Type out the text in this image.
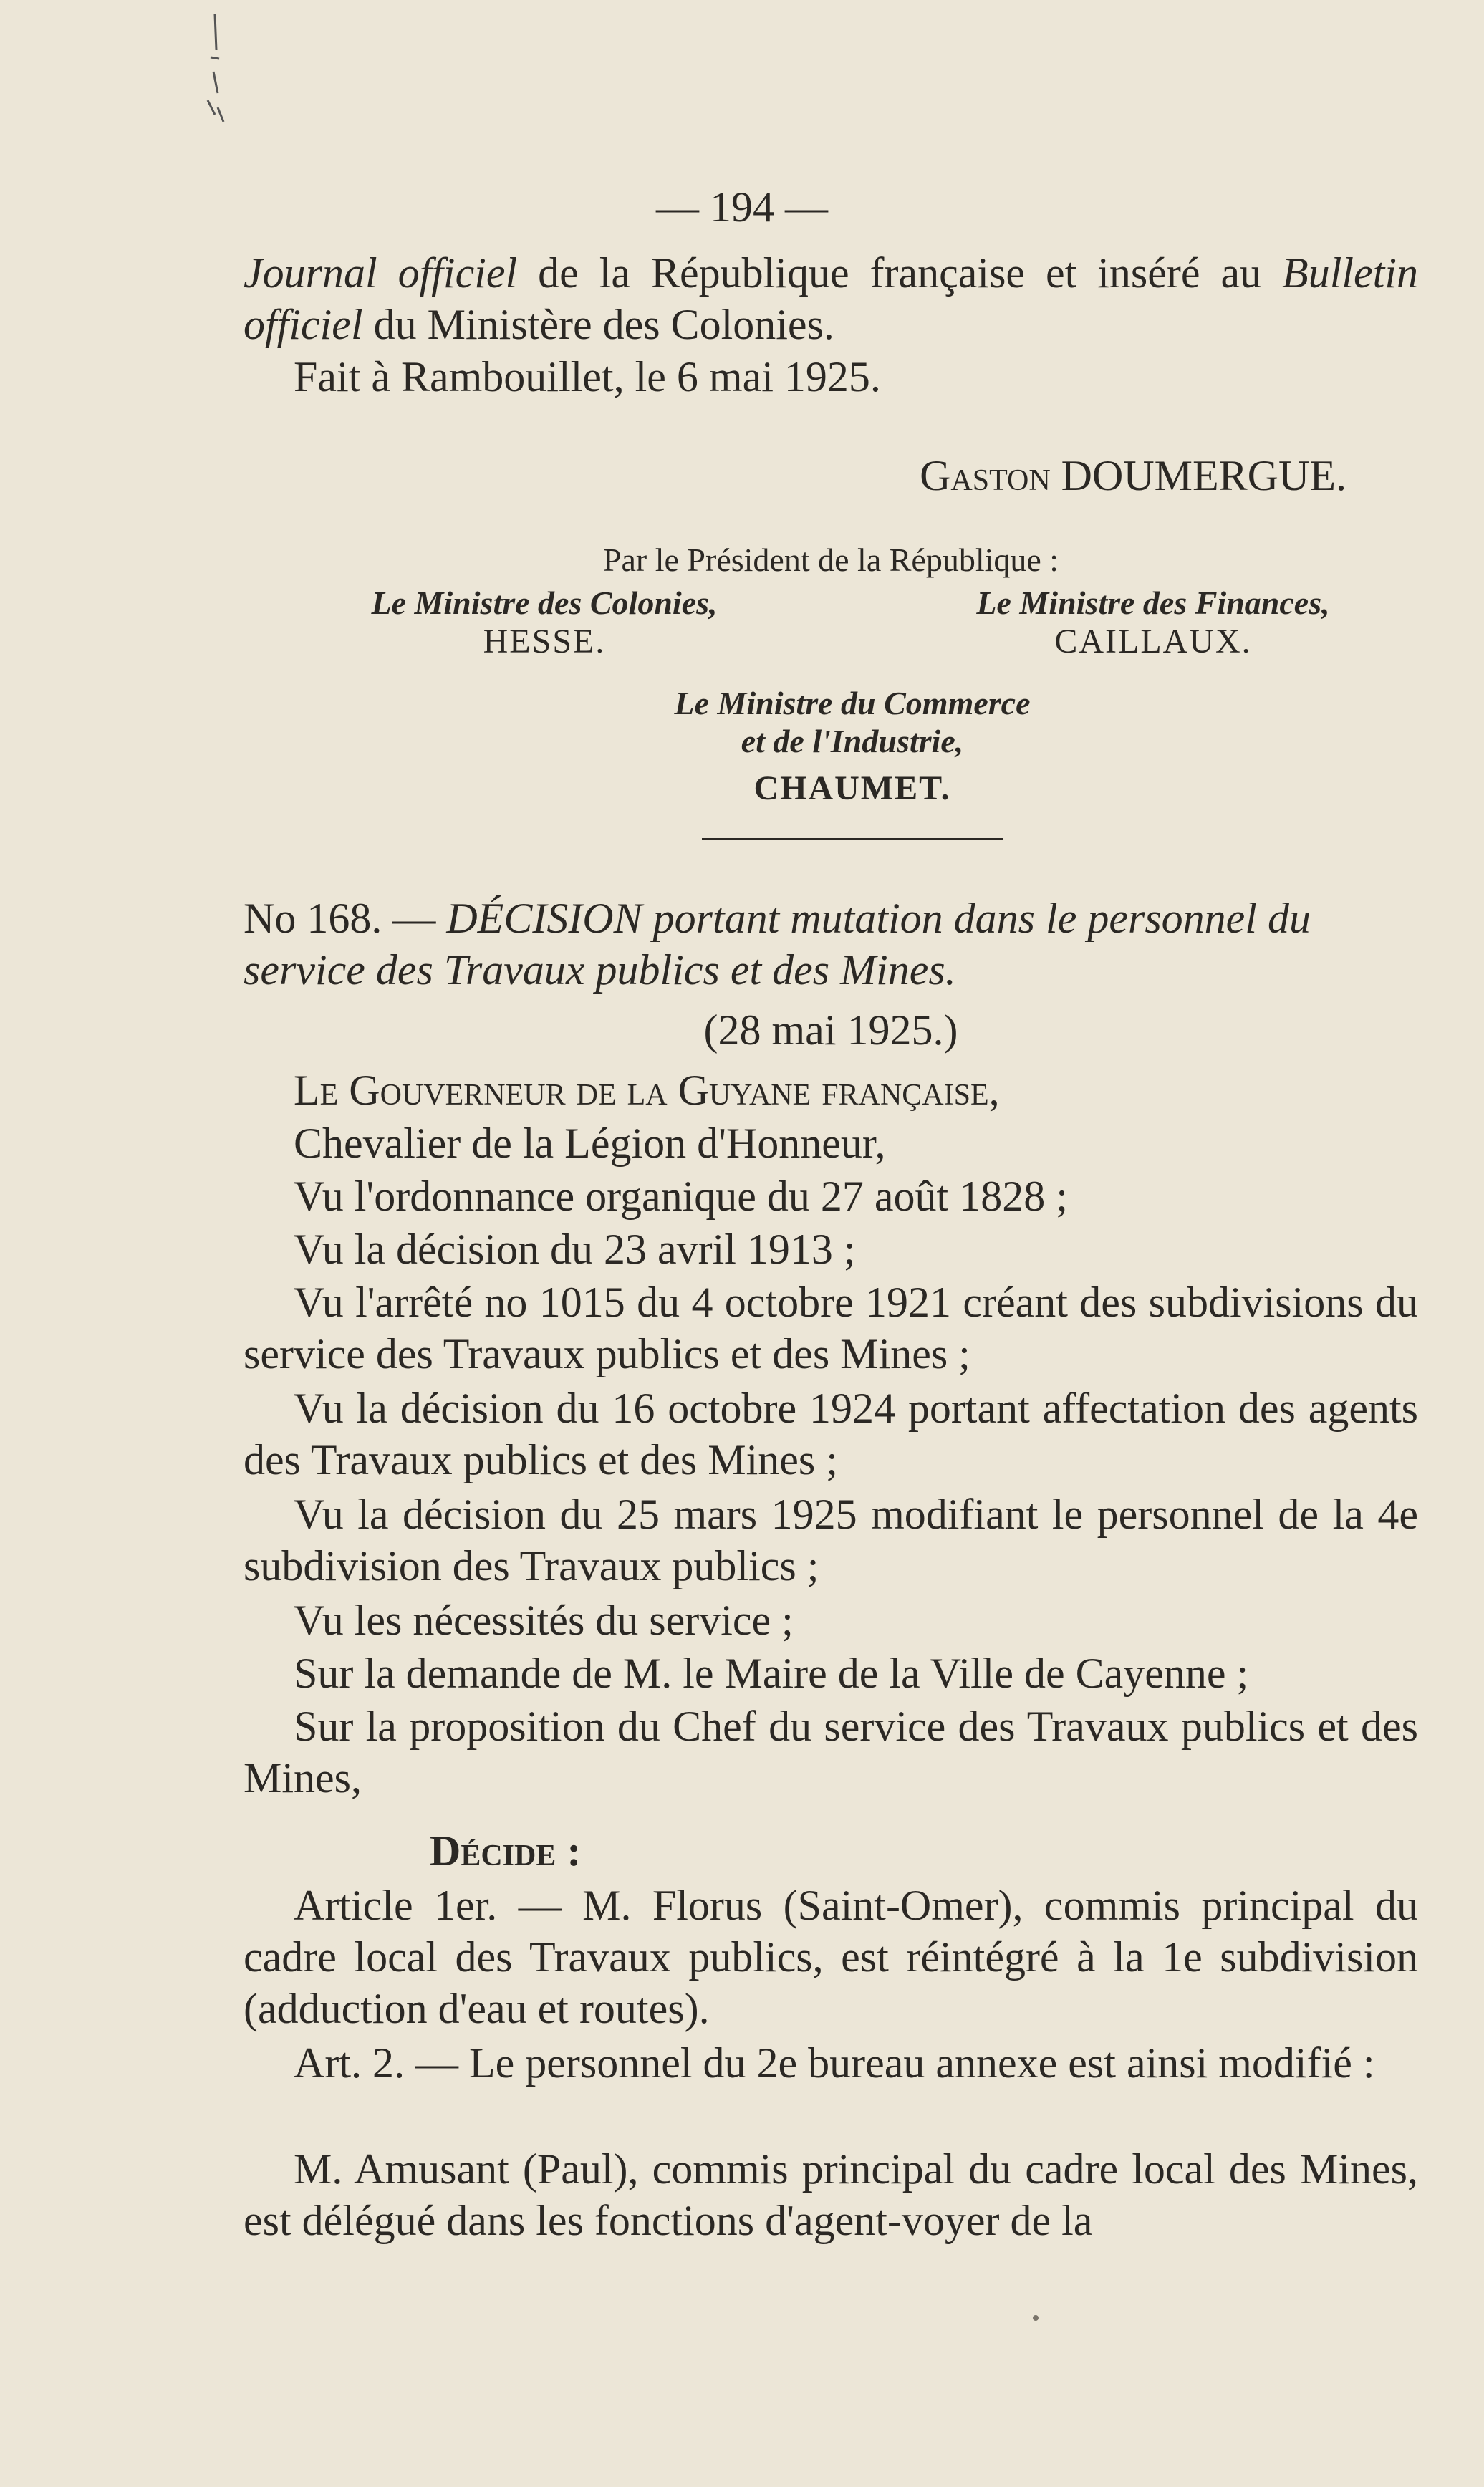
— 194 —
Journal officiel de la République française et inséré au Bulletin officiel du Ministère des Colonies.
Fait à Rambouillet, le 6 mai 1925.
Gaston DOUMERGUE.
Par le Président de la République :
Le Ministre des Colonies,
HESSE.
Le Ministre des Finances,
CAILLAUX.
Le Ministre du Commerce
et de l'Industrie,
CHAUMET.
No 168. — DÉCISION portant mutation dans le personnel du service des Travaux publics et des Mines.
(28 mai 1925.)
Le Gouverneur de la Guyane française,
Chevalier de la Légion d'Honneur,
Vu l'ordonnance organique du 27 août 1828 ;
Vu la décision du 23 avril 1913 ;
Vu l'arrêté no 1015 du 4 octobre 1921 créant des subdivisions du service des Travaux publics et des Mines ;
Vu la décision du 16 octobre 1924 portant affectation des agents des Travaux publics et des Mines ;
Vu la décision du 25 mars 1925 modifiant le personnel de la 4e subdivision des Travaux publics ;
Vu les nécessités du service ;
Sur la demande de M. le Maire de la Ville de Cayenne ;
Sur la proposition du Chef du service des Travaux publics et des Mines,
Décide :
Article 1er. — M. Florus (Saint-Omer), commis principal du cadre local des Travaux publics, est réintégré à la 1e subdivision (adduction d'eau et routes).
Art. 2. — Le personnel du 2e bureau annexe est ainsi modifié :
M. Amusant (Paul), commis principal du cadre local des Mines, est délégué dans les fonctions d'agent-voyer de la
